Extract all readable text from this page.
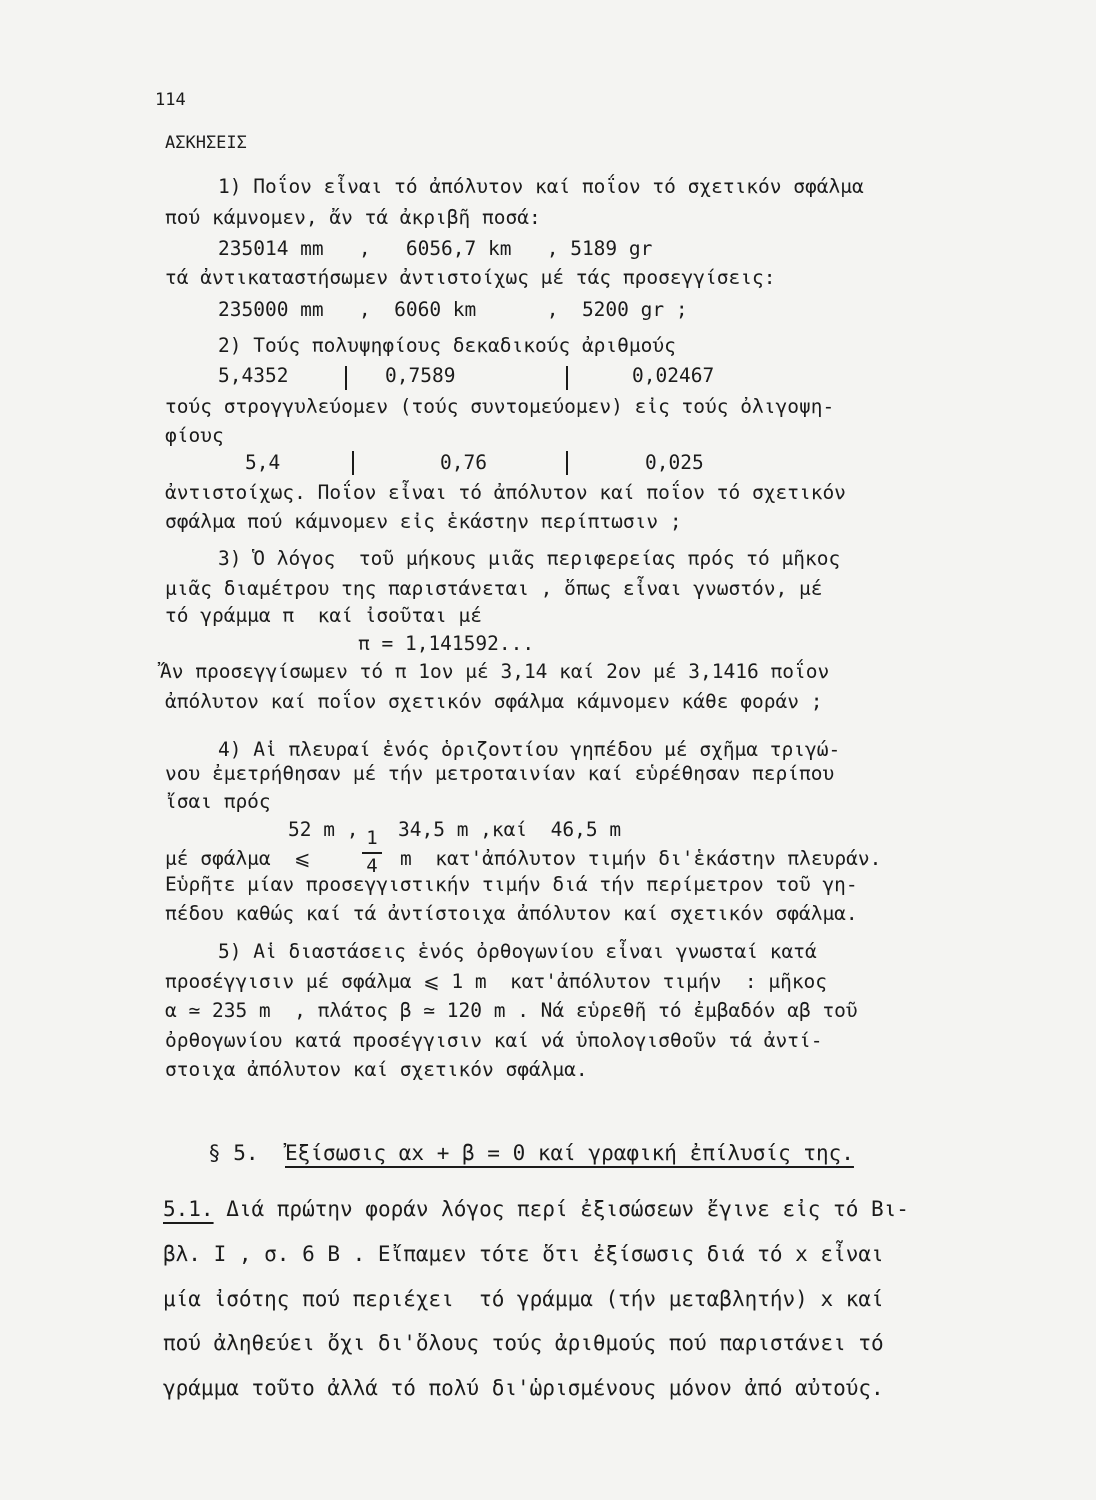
114
ΑΣΚΗΣΕΙΣ
1) Ποΐον εἶναι τό ἀπόλυτον καί ποΐον τό σχετικόν σφάλμα
πού κάμνομεν, ἄν τά ἀκριβῆ ποσά:
235014 mm   ,   6056,7 km   , 5189 gr
τά ἀντικαταστήσωμεν ἀντιστοίχως μέ τάς προσεγγίσεις:
235000 mm   ,  6060 km      ,  5200 gr ;
2) Τούς πολυψηφίους δεκαδικούς ἀριθμούς
5,4352	0,7589	0,02467
τούς στρογγυλεύομεν (τούς συντομεύομεν) εἰς τούς ὀλιγοψη-
φίους
5,4	0,76	0,025
ἀντιστοίχως. Ποΐον εἶναι τό ἀπόλυτον καί ποΐον τό σχετικόν
σφάλμα πού κάμνομεν εἰς ἑκάστην περίπτωσιν ;
3) Ὁ λόγος  τοῦ μήκους μιᾶς περιφερείας πρός τό μῆκος
μιᾶς διαμέτρου της παριστάνεται , ὅπως εἶναι γνωστόν, μέ
τό γράμμα π  καί ἰσοῦται μέ
π = 1,141592...
Ἄν προσεγγίσωμεν τό π 1ον μέ 3,14 καί 2ον μέ 3,1416 ποΐον
ἀπόλυτον καί ποΐον σχετικόν σφάλμα κάμνομεν κάθε φοράν ;
4) Αἱ πλευραί ἑνός ὁριζοντίου γηπέδου μέ σχῆμα τριγώ-
νου ἐμετρήθησαν μέ τήν μετροταινίαν καί εὑρέθησαν περίπου
ἴσαι πρός
52 m , 1
4
34,5 m ,καί  46,5 m
μέ σφάλμα  ⩽	m  κατ'ἀπόλυτον τιμήν δι'ἑκάστην πλευράν.
Εὑρῆτε μίαν προσεγγιστικήν τιμήν διά τήν περίμετρον τοῦ γη-
πέδου καθώς καί τά ἀντίστοιχα ἀπόλυτον καί σχετικόν σφάλμα.
5) Αἱ διαστάσεις ἑνός ὀρθογωνίου εἶναι γνωσταί κατά
προσέγγισιν μέ σφάλμα ⩽ 1 m  κατ'ἀπόλυτον τιμήν  : μῆκος
α ≃ 235 m  , πλάτος β ≃ 120 m . Νά εὑρεθῆ τό ἐμβαδόν αβ τοῦ
ὀρθογωνίου κατά προσέγγισιν καί νά ὑπολογισθοῦν τά ἀντί-
στοιχα ἀπόλυτον καί σχετικόν σφάλμα.
§ 5. Ἐξίσωσις αx + β = 0 καί γραφική ἐπίλυσίς της.
5.1. Διά πρώτην φοράν λόγος περί ἐξισώσεων ἔγινε εἰς τό Βι-
βλ. Ι , σ. 6 Β . Εἴπαμεν τότε ὅτι ἐξίσωσις διά τό x εἶναι
μία ἰσότης πού περιέχει  τό γράμμα (τήν μεταβλητήν) x καί
πού ἀληθεύει ὄχι δι'ὅλους τούς ἀριθμούς πού παριστάνει τό
γράμμα τοῦτο ἀλλά τό πολύ δι'ὡρισμένους μόνον ἀπό αὐτούς.
